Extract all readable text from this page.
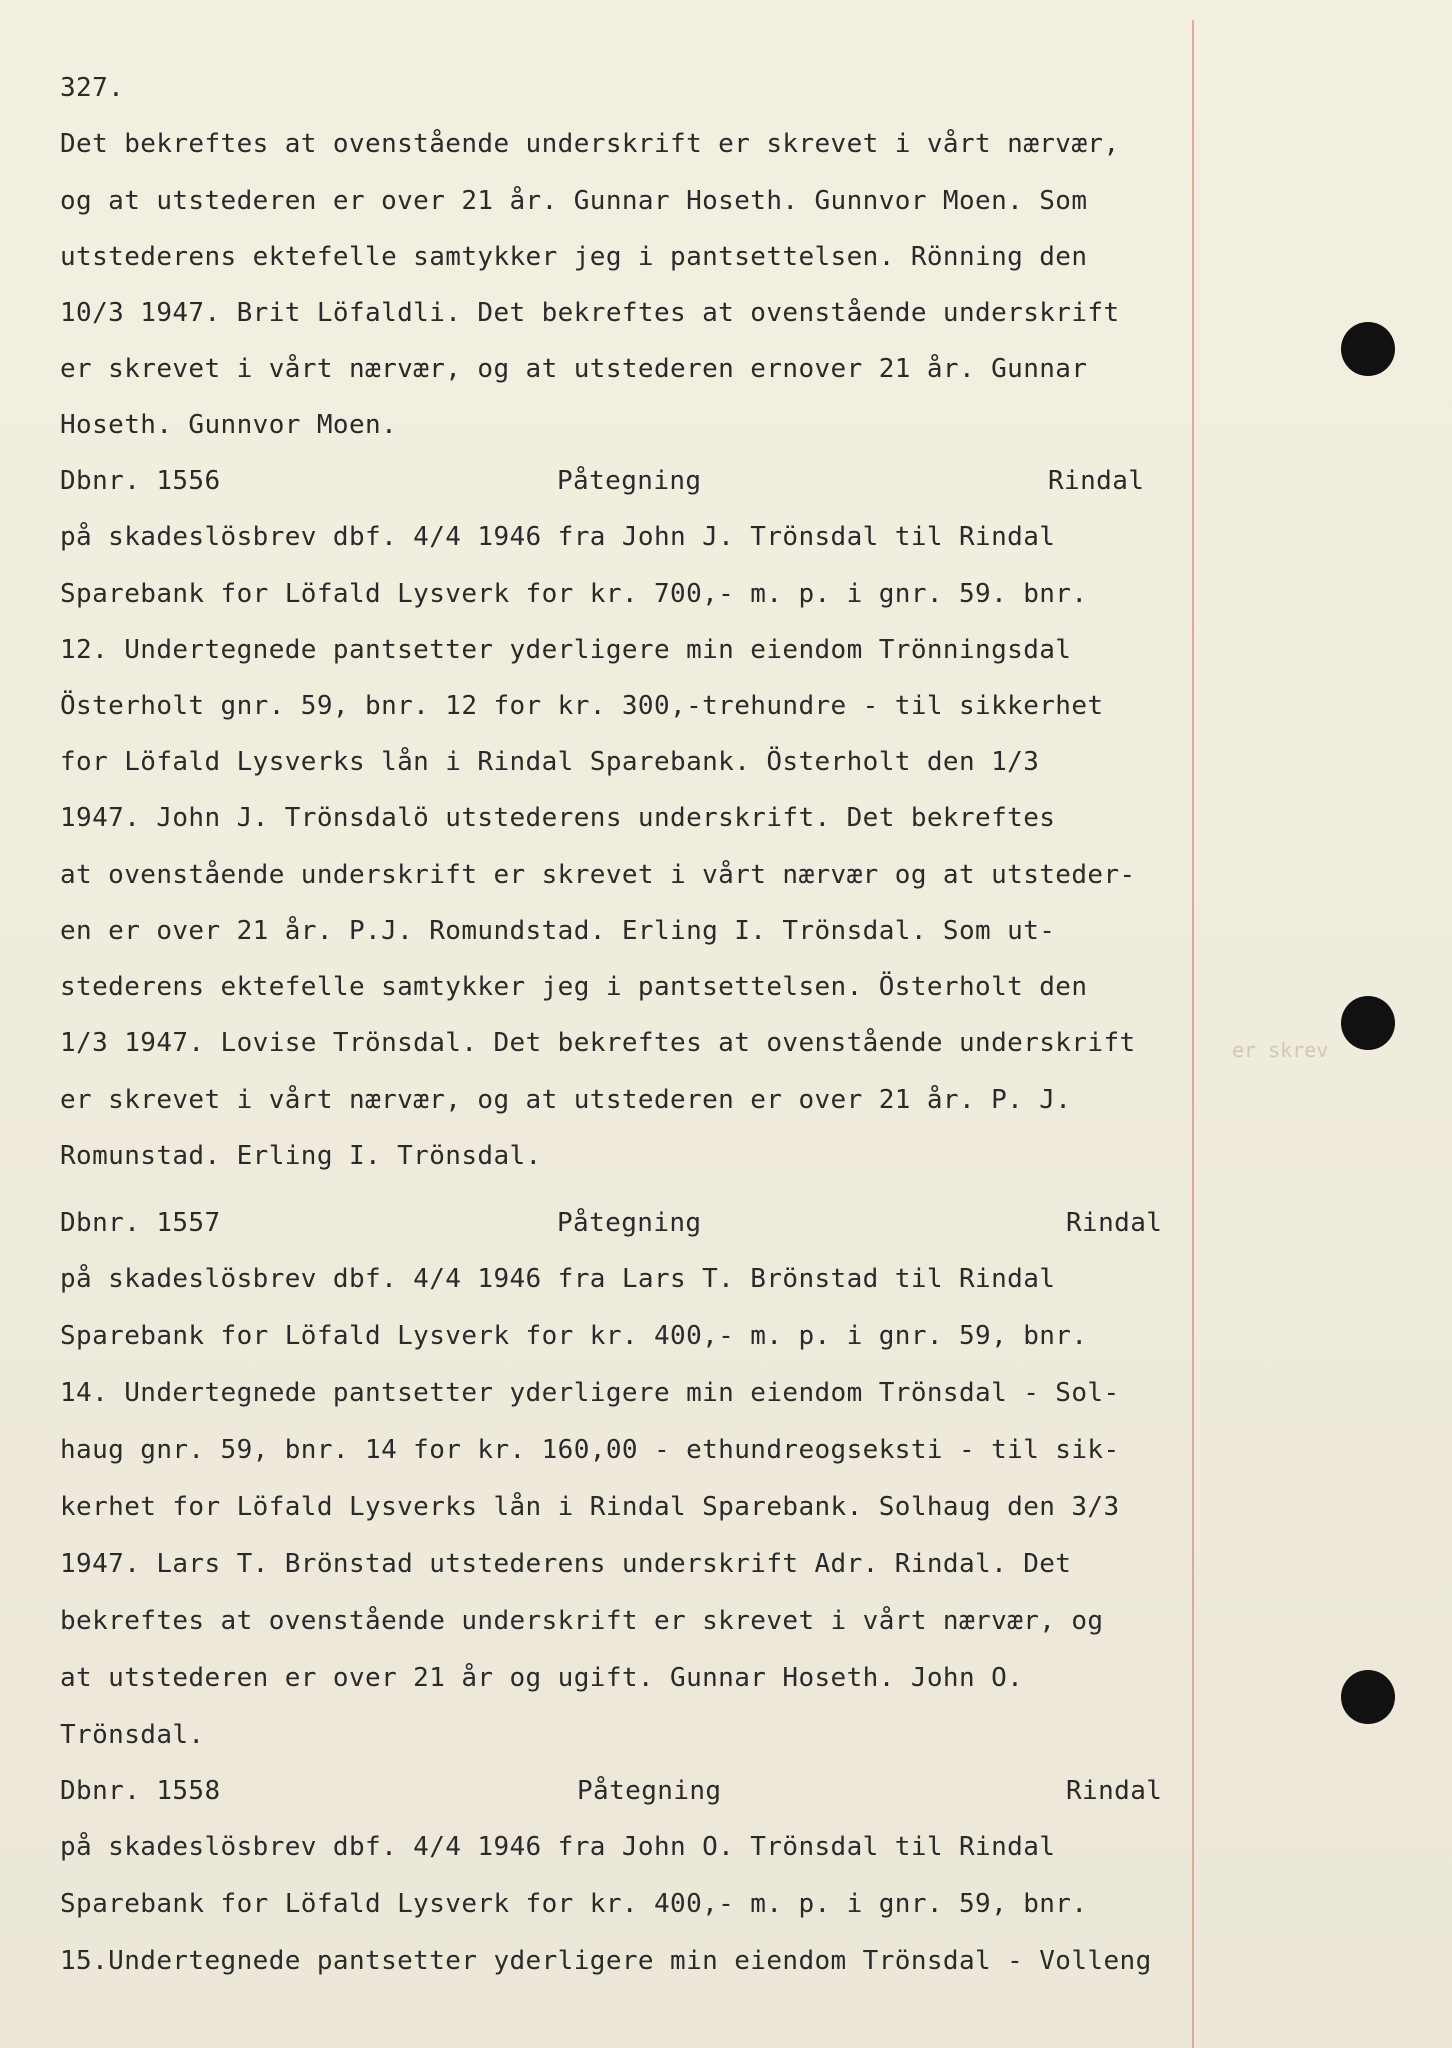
er skrev
327.
Det bekreftes at ovenstående underskrift er skrevet i vårt nærvær,
og at utstederen er over 21 år. Gunnar Hoseth. Gunnvor Moen. Som
utstederens ektefelle samtykker jeg i pantsettelsen. Rönning den
10/3 1947. Brit Löfaldli. Det bekreftes at ovenstående underskrift
er skrevet i vårt nærvær, og at utstederen ernover 21 år. Gunnar
Hoseth. Gunnvor Moen.
Dbnr. 1556	Påtegning	Rindal
på skadeslösbrev dbf. 4/4 1946 fra John J. Trönsdal til Rindal
Sparebank for Löfald Lysverk for kr. 700,- m. p. i gnr. 59. bnr.
12. Undertegnede pantsetter yderligere min eiendom Trönningsdal
Österholt gnr. 59, bnr. 12 for kr. 300,-trehundre - til sikkerhet
for Löfald Lysverks lån i Rindal Sparebank. Österholt den 1/3
1947. John J. Trönsdalö utstederens underskrift. Det bekreftes
at ovenstående underskrift er skrevet i vårt nærvær og at utsteder-
en er over 21 år. P.J. Romundstad. Erling I. Trönsdal. Som ut-
stederens ektefelle samtykker jeg i pantsettelsen. Österholt den
1/3 1947. Lovise Trönsdal. Det bekreftes at ovenstående underskrift
er skrevet i vårt nærvær, og at utstederen er over 21 år. P. J.
Romunstad. Erling I. Trönsdal.
Dbnr. 1557	Påtegning	Rindal
på skadeslösbrev dbf. 4/4 1946 fra Lars T. Brönstad til Rindal
Sparebank for Löfald Lysverk for kr. 400,- m. p. i gnr. 59, bnr.
14. Undertegnede pantsetter yderligere min eiendom Trönsdal - Sol-
haug gnr. 59, bnr. 14 for kr. 160,00 - ethundreogseksti - til sik-
kerhet for Löfald Lysverks lån i Rindal Sparebank. Solhaug den 3/3
1947. Lars T. Brönstad utstederens underskrift Adr. Rindal. Det
bekreftes at ovenstående underskrift er skrevet i vårt nærvær, og
at utstederen er over 21 år og ugift. Gunnar Hoseth. John O.
Trönsdal.
Dbnr. 1558	Påtegning	Rindal
på skadeslösbrev dbf. 4/4 1946 fra John O. Trönsdal til Rindal
Sparebank for Löfald Lysverk for kr. 400,- m. p. i gnr. 59, bnr.
15.Undertegnede pantsetter yderligere min eiendom Trönsdal - Volleng
